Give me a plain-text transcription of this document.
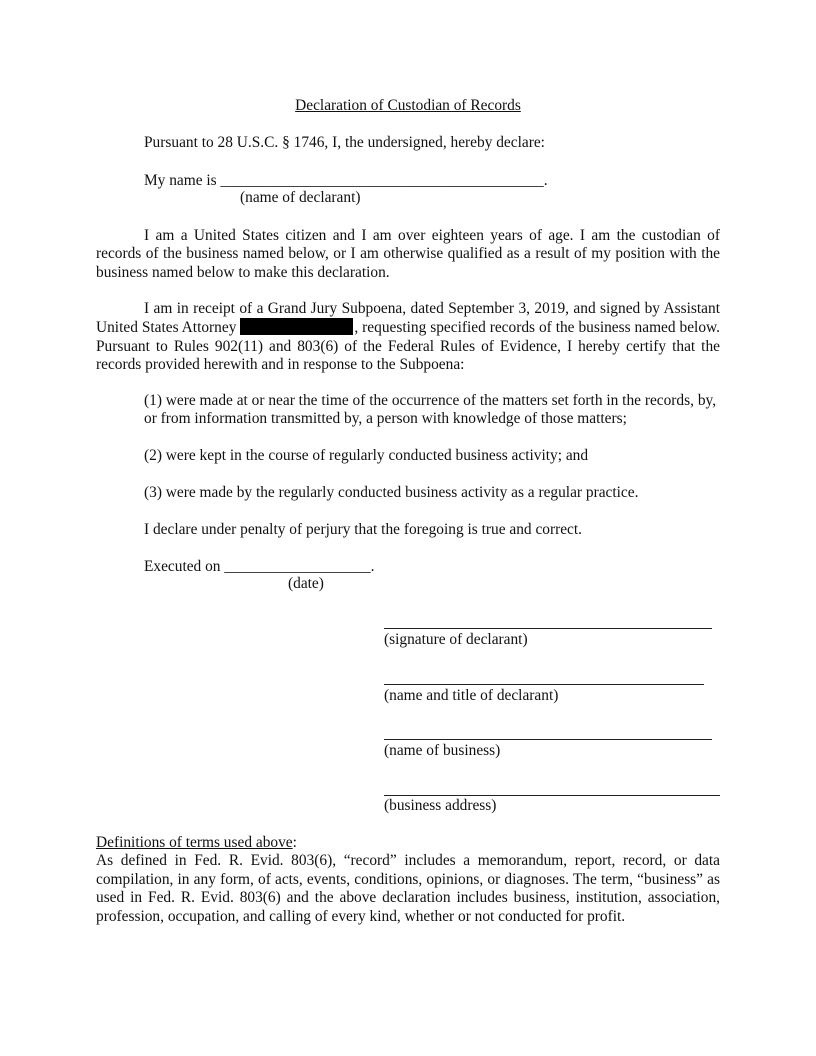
Declaration of Custodian of Records
Pursuant to 28 U.S.C. § 1746, I, the undersigned, hereby declare:
My name is __________________________________________.
(name of declarant)
I am a United States citizen and I am over eighteen years of age. I am the custodian of records of the business named below, or I am otherwise qualified as a result of my position with the business named below to make this declaration.
I am in receipt of a Grand Jury Subpoena, dated September 3, 2019, and signed by Assistant United States Attorney	, requesting specified records of the business named below. Pursuant to Rules 902(11) and 803(6) of the Federal Rules of Evidence, I hereby certify that the records provided herewith and in response to the Subpoena:
(1) were made at or near the time of the occurrence of the matters set forth in the records, by, or from information transmitted by, a person with knowledge of those matters;
(2) were kept in the course of regularly conducted business activity; and
(3) were made by the regularly conducted business activity as a regular practice.
I declare under penalty of perjury that the foregoing is true and correct.
Executed on ___________________.
(date)
(signature of declarant)
(name and title of declarant)
(name of business)
(business address)
Definitions of terms used above:
As defined in Fed. R. Evid. 803(6), “record” includes a memorandum, report, record, or data compilation, in any form, of acts, events, conditions, opinions, or diagnoses. The term, “business” as used in Fed. R. Evid. 803(6) and the above declaration includes business, institution, association, profession, occupation, and calling of every kind, whether or not conducted for profit.
